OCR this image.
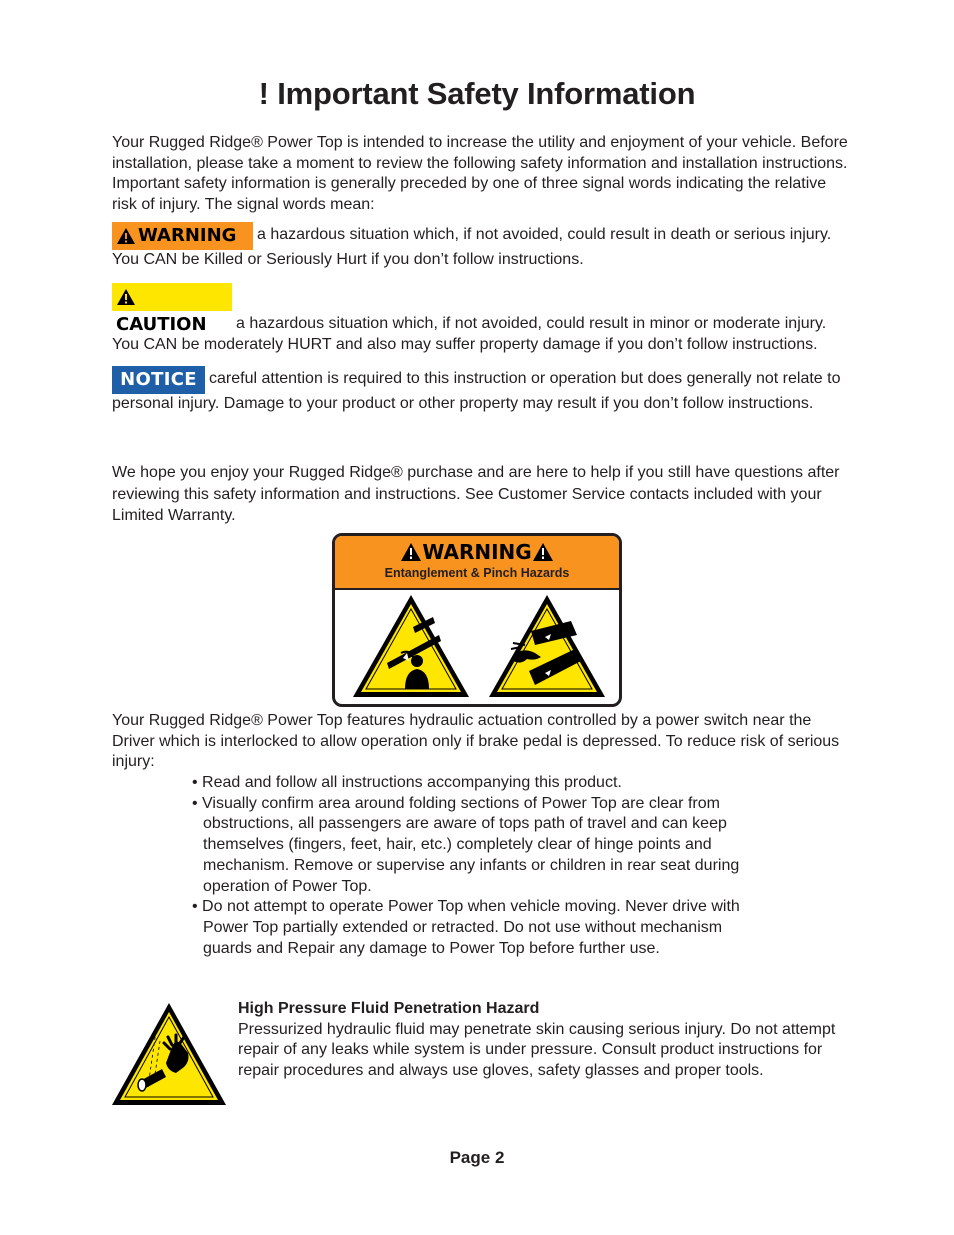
! Important Safety Information

Your Rugged Ridge® Power Top is intended to increase the utility and enjoyment of your vehicle. Before installation, please take a moment to review the following safety information and installation instructions. Important safety information is generally preceded by one of three signal words indicating the relative risk of injury. The signal words mean:

WARNING a hazardous situation which, if not avoided, could result in death or serious injury. You CAN be Killed or Seriously Hurt if you don’t follow instructions.
CAUTION a hazardous situation which, if not avoided, could result in minor or moderate injury. You CAN be moderately HURT and also may suffer property damage if you don’t follow instructions.
NOTICE careful attention is required to this instruction or operation but does generally not relate to personal injury. Damage to your product or other property may result if you don’t follow instructions.

We hope you enjoy your Rugged Ridge® purchase and are here to help if you still have questions after reviewing this safety information and instructions. See Customer Service contacts included with your Limited Warranty.

WARNING
Entanglement & Pinch Hazards

Your Rugged Ridge® Power Top features hydraulic actuation controlled by a power switch near the Driver which is interlocked to allow operation only if brake pedal is depressed. To reduce risk of serious injury:

• Read and follow all instructions accompanying this product.
• Visually confirm area around folding sections of Power Top are clear from obstructions, all passengers are aware of tops path of travel and can keep themselves (fingers, feet, hair, etc.) completely clear of hinge points and mechanism. Remove or supervise any infants or children in rear seat during operation of Power Top.
• Do not attempt to operate Power Top when vehicle moving. Never drive with Power Top partially extended or retracted. Do not use without mechanism guards and Repair any damage to Power Top before further use.
High Pressure Fluid Penetration Hazard
Pressurized hydraulic fluid may penetrate skin causing serious injury. Do not attempt repair of any leaks while system is under pressure. Consult product instructions for repair procedures and always use gloves, safety glasses and proper tools.
Page 2
